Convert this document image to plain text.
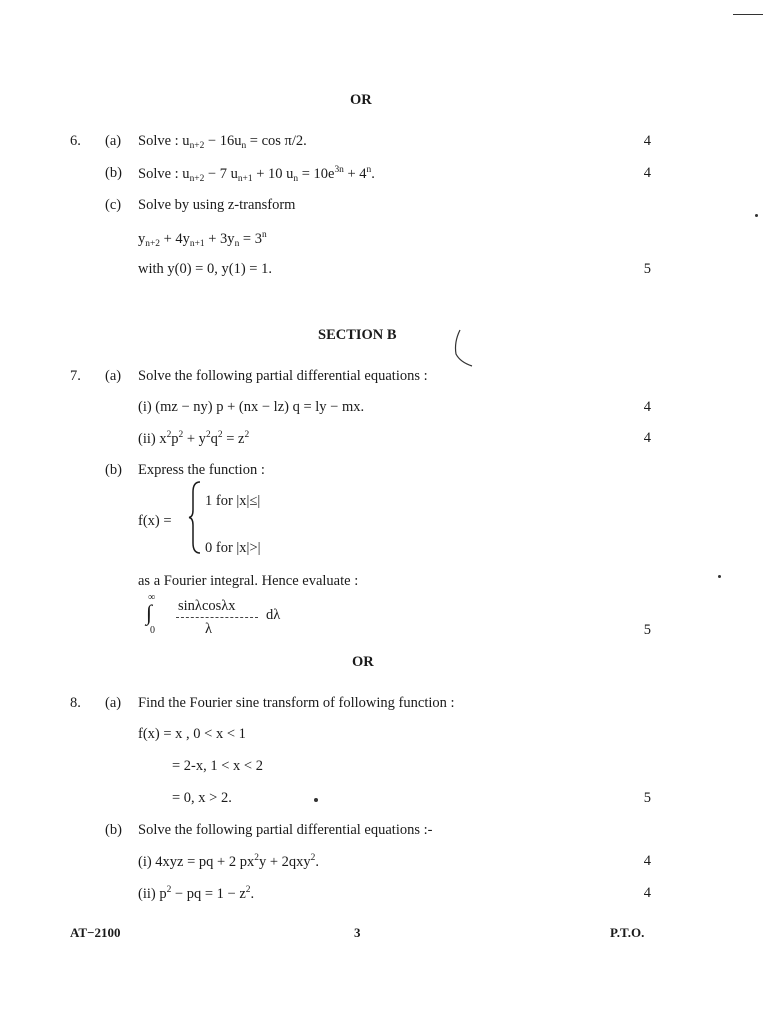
OR
6. (a) Solve : $u_{n+2} - 16u_n = \cos \pi/2$.	4
(b) Solve : $u_{n+2} - 7$ $u_{n+1} + 10$ $u_n = 10e^{3n} + 4^n$.	4
(c) Solve by using z-transform
$y_{n+2} + 4y_{n+1} + 3y_n = 3^n$
with y(0) = 0, y(1) = 1.	5
SECTION B
7. (a) Solve the following partial differential equations :
(i) (mz − ny) p + (nx − lz) q = ly − mx.	4
(ii) $x^2p^2 + y^2q^2 = z^2$	4
(b) Express the function :
f(x) =
1 for |x|≤|
0 for |x|>|
as a Fourier integral. Hence evaluate :
∞
∫
0
sinλcosλx
λ
dλ
5
OR
8. (a) Find the Fourier sine transform of following function :
f(x) = x , 0 < x < 1
= 2-x, 1 < x < 2
= 0, x > 2.	5
(b) Solve the following partial differential equations :-
(i) 4xyz = pq + 2 $px^2y + 2qxy^2$.	4
(ii) $p^2$ − pq = $1 - z^2$.	4
AT−2100	3	P.T.O.
